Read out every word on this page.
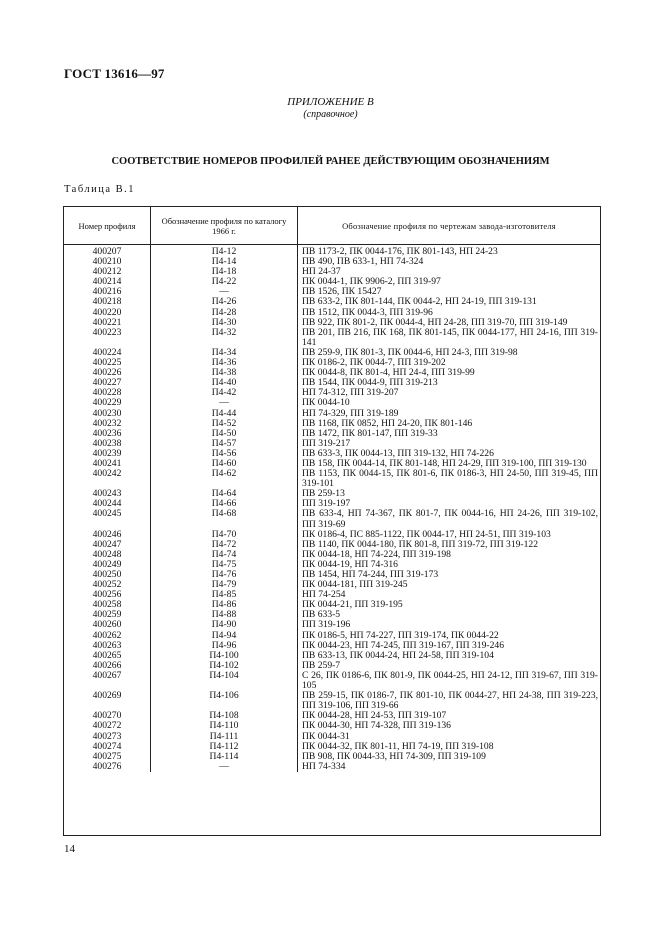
ГОСТ 13616—97
ПРИЛОЖЕНИЕ В
(справочное)
СООТВЕТСТВИЕ НОМЕРОВ ПРОФИЛЕЙ РАНЕЕ ДЕЙСТВУЮЩИМ ОБОЗНАЧЕНИЯМ
Таблица В.1
Номер профиля	Обозначение профиля по каталогу 1966 г.	Обозначение профиля по чертежам завода-изготовителя
400207	П4-12	ПВ 1173-2, ПК 0044-176, ПК 801-143, НП 24-23
400210	П4-14	ПВ 490, ПВ 633-1, НП 74-324
400212	П4-18	НП 24-37
400214	П4-22	ПК 0044-1, ПК 9906-2, ПП 319-97
400216	—	ПВ 1526, ПК 15427
400218	П4-26	ПВ 633-2, ПК 801-144, ПК 0044-2, НП 24-19, ПП 319-131
400220	П4-28	ПВ 1512, ПК 0044-3, ПП 319-96
400221	П4-30	ПВ 922, ПК 801-2, ПК 0044-4, НП 24-28, ПП 319-70, ПП 319-149
400223	П4-32	ПВ 201, ПВ 216, ПК 168, ПК 801-145, ПК 0044-177, НП 24-16, ПП 319-141
400224	П4-34	ПВ 259-9, ПК 801-3, ПК 0044-6, НП 24-3, ПП 319-98
400225	П4-36	ПК 0186-2, ПК 0044-7, ПП 319-202
400226	П4-38	ПК 0044-8, ПК 801-4, НП 24-4, ПП 319-99
400227	П4-40	ПВ 1544, ПК 0044-9, ПП 319-213
400228	П4-42	НП 74-312, ПП 319-207
400229	—	ПК 0044-10
400230	П4-44	НП 74-329, ПП 319-189
400232	П4-52	ПВ 1168, ПК 0852, НП 24-20, ПК 801-146
400236	П4-50	ПВ 1472, ПК 801-147, ПП 319-33
400238	П4-57	ПП 319-217
400239	П4-56	ПВ 633-3, ПК 0044-13, ПП 319-132, НП 74-226
400241	П4-60	ПВ 158, ПК 0044-14, ПК 801-148, НП 24-29, ПП 319-100, ПП 319-130
400242	П4-62	ПВ 1153, ПК 0044-15, ПК 801-6, ПК 0186-3, НП 24-50, ПП 319-45, ПП 319-101
400243	П4-64	ПВ 259-13
400244	П4-66	ПП 319-197
400245	П4-68	ПВ 633-4, НП 74-367, ПК 801-7, ПК 0044-16, НП 24-26, ПП 319-102, ПП 319-69
400246	П4-70	ПК 0186-4, ПС 885-1122, ПК 0044-17, НП 24-51, ПП 319-103
400247	П4-72	ПВ 1140, ПК 0044-180, ПК 801-8, ПП 319-72, ПП 319-122
400248	П4-74	ПК 0044-18, НП 74-224, ПП 319-198
400249	П4-75	ПК 0044-19, НП 74-316
400250	П4-76	ПВ 1454, НП 74-244, ПП 319-173
400252	П4-79	ПК 0044-181, ПП 319-245
400256	П4-85	НП 74-254
400258	П4-86	ПК 0044-21, ПП 319-195
400259	П4-88	ПВ 633-5
400260	П4-90	ПП 319-196
400262	П4-94	ПК 0186-5, НП 74-227, ПП 319-174, ПК 0044-22
400263	П4-96	ПК 0044-23, НП 74-245, ПП 319-167, ПП 319-246
400265	П4-100	ПВ 633-13, ПК 0044-24, НП 24-58, ПП 319-104
400266	П4-102	ПВ 259-7
400267	П4-104	С 26, ПК 0186-6, ПК 801-9, ПК 0044-25, НП 24-12, ПП 319-67, ПП 319-105
400269	П4-106	ПВ 259-15, ПК 0186-7, ПК 801-10, ПК 0044-27, НП 24-38, ПП 319-223, ПП 319-106, ПП 319-66
400270	П4-108	ПК 0044-28, НП 24-53, ПП 319-107
400272	П4-110	ПК 0044-30, НП 74-328, ПП 319-136
400273	П4-111	ПК 0044-31
400274	П4-112	ПК 0044-32, ПК 801-11, НП 74-19, ПП 319-108
400275	П4-114	ПВ 908, ПК 0044-33, НП 74-309, ПП 319-109
400276	—	НП 74-334
14
